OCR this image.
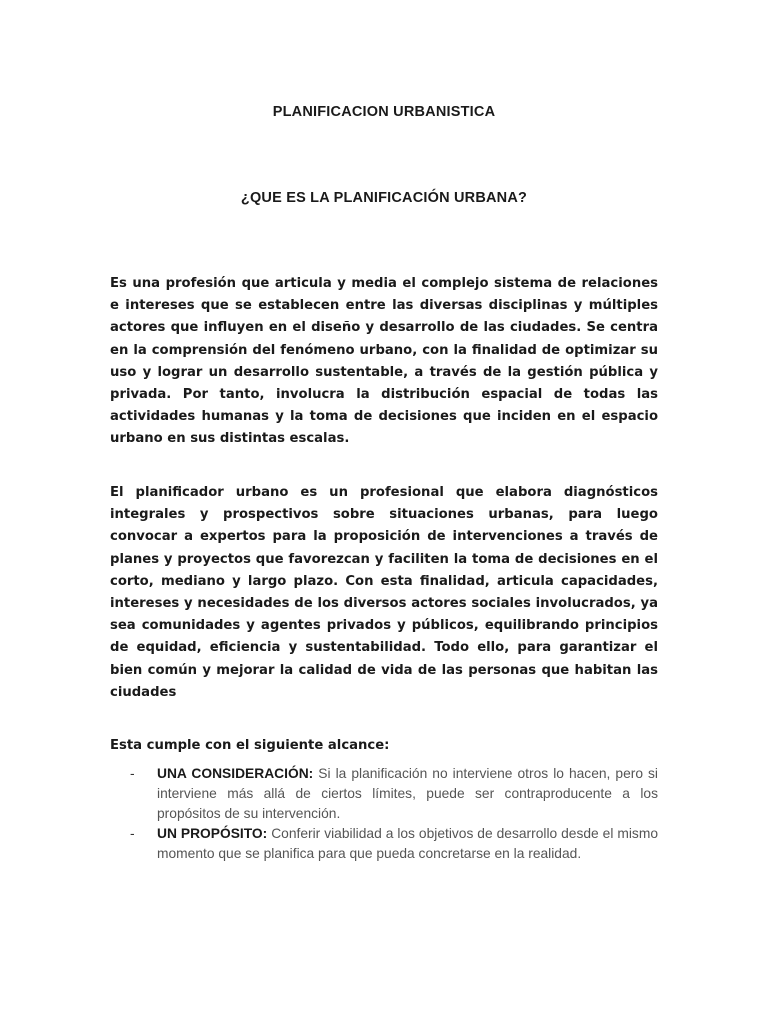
PLANIFICACION URBANISTICA
¿QUE ES LA PLANIFICACIÓN URBANA?

Es una profesión que articula y media el complejo sistema de relaciones e intereses que se establecen entre las diversas disciplinas y múltiples actores que influyen en el diseño y desarrollo de las ciudades. Se centra en la comprensión del fenómeno urbano, con la finalidad de optimizar su uso y lograr un desarrollo sustentable, a través de la gestión pública y privada. Por tanto, involucra la distribución espacial de todas las actividades humanas y la toma de decisiones que inciden en el espacio urbano en sus distintas escalas.

El planificador urbano es un profesional que elabora diagnósticos integrales y prospectivos sobre situaciones urbanas, para luego convocar a expertos para la proposición de intervenciones a través de planes y proyectos que favorezcan y faciliten la toma de decisiones en el corto, mediano y largo plazo. Con esta finalidad, articula capacidades, intereses y necesidades de los diversos actores sociales involucrados, ya sea comunidades y agentes privados y públicos, equilibrando principios de equidad, eficiencia y sustentabilidad. Todo ello, para garantizar el bien común y mejorar la calidad de vida de las personas que habitan las ciudades

Esta cumple con el siguiente alcance:

- UNA CONSIDERACIÓN: Si la planificación no interviene otros lo hacen, pero si interviene más allá de ciertos límites, puede ser contraproducente a los propósitos de su intervención.
- UN PROPÓSITO: Conferir viabilidad a los objetivos de desarrollo desde el mismo momento que se planifica para que pueda concretarse en la realidad.
